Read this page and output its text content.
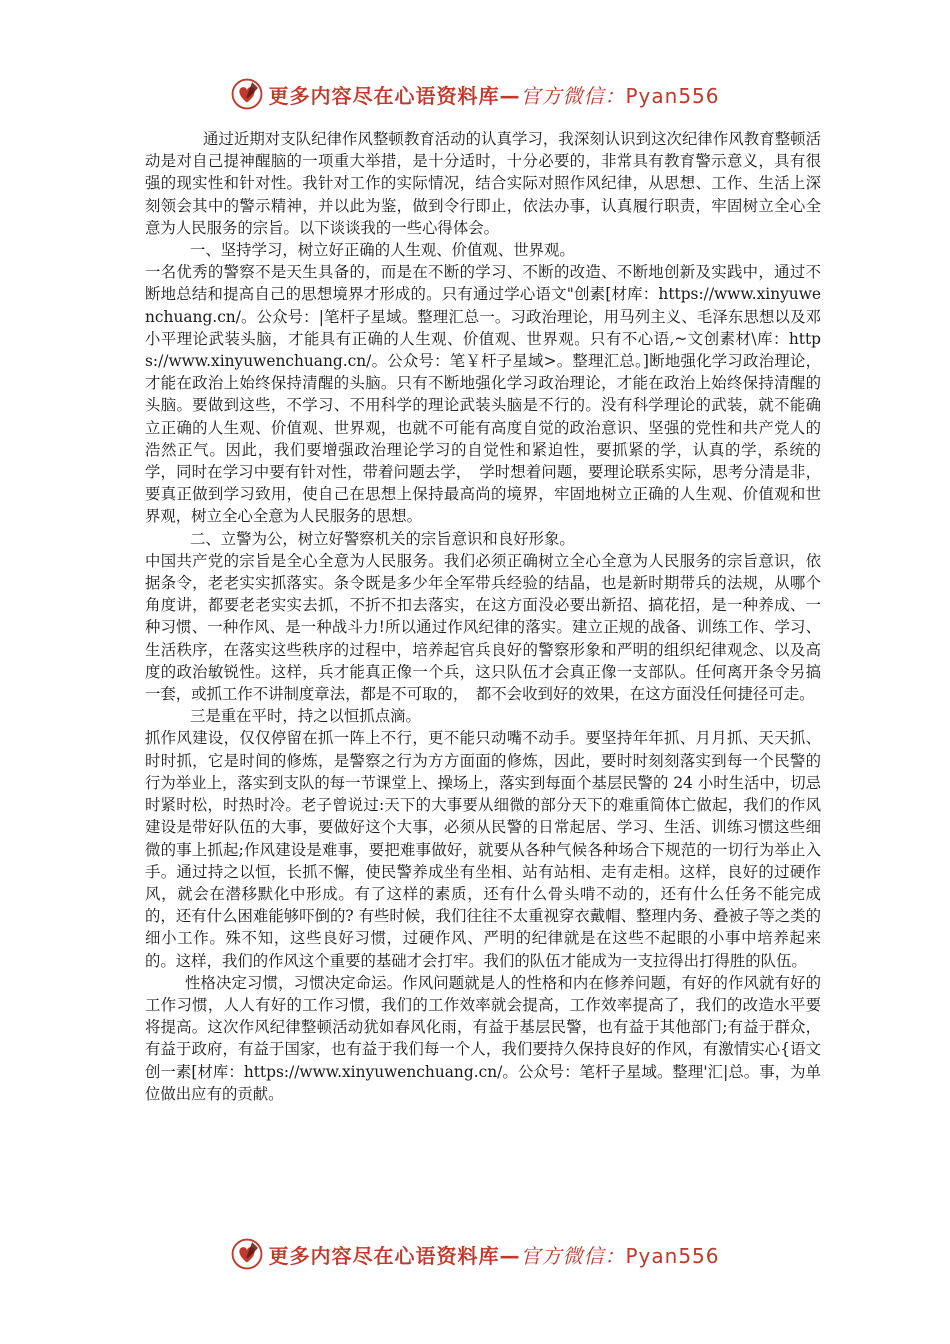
更多内容尽在心语资料库—官方微信：Pyan556

通过近期对支队纪律作风整顿教育活动的认真学习，我深刻认识到这次纪律作风教育整顿活动是对自己提神醒脑的一项重大举措，是十分适时，十分必要的，非常具有教育警示意义，具有很强的现实性和针对性。我针对工作的实际情况，结合实际对照作风纪律，从思想、工作、生活上深刻领会其中的警示精神，并以此为鉴，做到令行即止，依法办事，认真履行职责，牢固树立全心全意为人民服务的宗旨。以下谈谈我的一些心得体会。

一、坚持学习，树立好正确的人生观、价值观、世界观。

一名优秀的警察不是天生具备的，而是在不断的学习、不断的改造、不断地创新及实践中，通过不断地总结和提高自己的思想境界才形成的。只有通过学心语文"创素[材库：https://www.xinyuwenchuang.cn/。公众号：|笔杆子星域。整理汇总一。习政治理论，用马列主义、毛泽东思想以及邓小平理论武装头脑，才能具有正确的人生观、价值观、世界观。只有不心语,~文创素材\库：https://www.xinyuwenchuang.cn/。公众号：笔￥杆子星域>。整理汇总。]断地强化学习政治理论，才能在政治上始终保持清醒的头脑。只有不断地强化学习政治理论，才能在政治上始终保持清醒的头脑。要做到这些，不学习、不用科学的理论武装头脑是不行的。没有科学理论的武装，就不能确立正确的人生观、价值观、世界观，也就不可能有高度自觉的政治意识、坚强的党性和共产党人的浩然正气。因此，我们要增强政治理论学习的自觉性和紧迫性，要抓紧的学，认真的学，系统的学，同时在学习中要有针对性，带着问题去学，　学时想着问题，要理论联系实际，思考分清是非，要真正做到学习致用，使自己在思想上保持最高尚的境界，牢固地树立正确的人生观、价值观和世界观，树立全心全意为人民服务的思想。

二、立警为公，树立好警察机关的宗旨意识和良好形象。

中国共产党的宗旨是全心全意为人民服务。我们必须正确树立全心全意为人民服务的宗旨意识，依据条令，老老实实抓落实。条令既是多少年全军带兵经验的结晶，也是新时期带兵的法规，从哪个角度讲，都要老老实实去抓，不折不扣去落实，在这方面没必要出新招、搞花招，是一种养成、一种习惯、一种作风、是一种战斗力!所以通过作风纪律的落实。建立正规的战备、训练工作、学习、生活秩序，在落实这些秩序的过程中，培养起官兵良好的警察形象和严明的组织纪律观念、以及高度的政治敏锐性。这样，兵才能真正像一个兵，这只队伍才会真正像一支部队。任何离开条令另搞一套，或抓工作不讲制度章法，都是不可取的，　都不会收到好的效果，在这方面没任何捷径可走。

三是重在平时，持之以恒抓点滴。

抓作风建设，仅仅停留在抓一阵上不行，更不能只动嘴不动手。要坚持年年抓、月月抓、天天抓、时时抓，它是时间的修炼，是警察之行为方方面面的修炼，因此，要时时刻刻落实到每一个民警的行为举业上，落实到支队的每一节课堂上、操场上，落实到每面个基层民警的 24 小时生活中，切忌时紧时松，时热时冷。老子曾说过:天下的大事要从细微的部分天下的难重简体亡做起，我们的作风建设是带好队伍的大事，要做好这个大事，必须从民警的日常起居、学习、生活、训练习惯这些细微的事上抓起;作风建设是难事，要把难事做好，就要从各种气候各种场合下规范的一切行为举止入手。通过持之以恒，长抓不懈，使民警养成坐有坐相、站有站相、走有走相。这样，良好的过硬作风，就会在潜移默化中形成。有了这样的素质，还有什么骨头啃不动的，还有什么任务不能完成的，还有什么困难能够吓倒的? 有些时候，我们往往不太重视穿衣戴帽、整理内务、叠被子等之类的细小工作。殊不知，这些良好习惯，过硬作风、严明的纪律就是在这些不起眼的小事中培养起来的。这样，我们的作风这个重要的基础才会打牢。我们的队伍才能成为一支拉得出打得胜的队伍。

性格决定习惯，习惯决定命运。作风问题就是人的性格和内在修养问题，有好的作风就有好的工作习惯，人人有好的工作习惯，我们的工作效率就会提高，工作效率提高了，我们的改造水平要将提高。这次作风纪律整顿活动犹如春风化雨，有益于基层民警，也有益于其他部门;有益于群众，有益于政府，有益于国家，也有益于我们每一个人，我们要持久保持良好的作风，有激情实心{语文创一素[材库：https://www.xinyuwenchuang.cn/。公众号：笔杆子星域。整理'汇|总。事，为单位做出应有的贡献。

更多内容尽在心语资料库—官方微信：Pyan556
